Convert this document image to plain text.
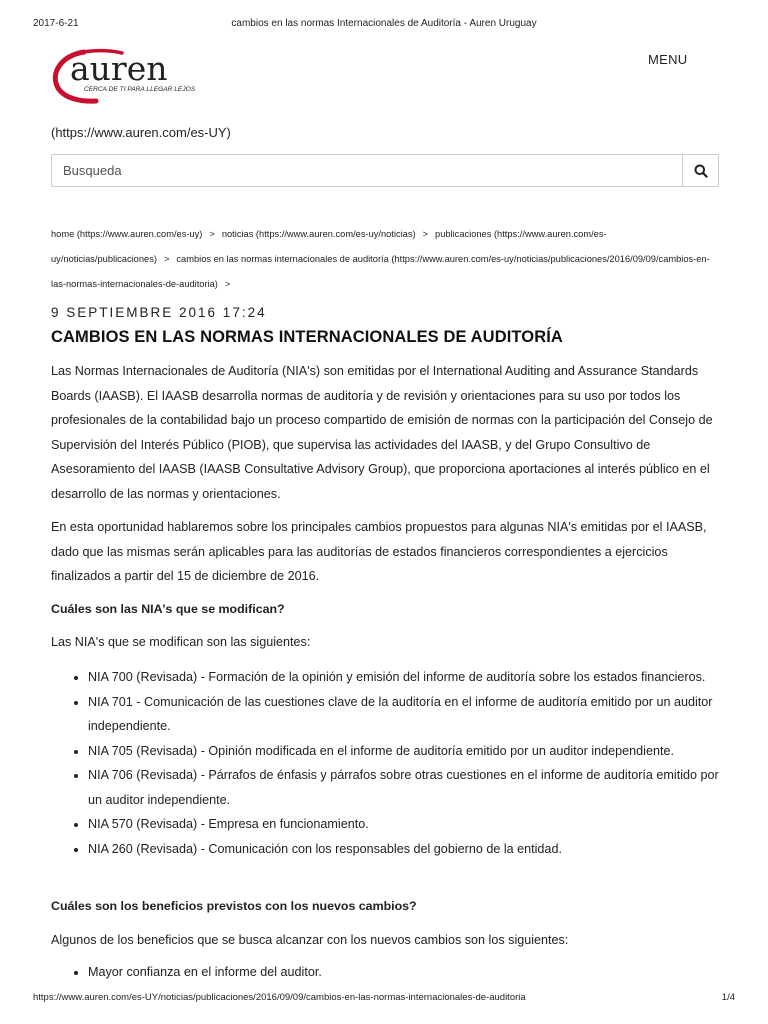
2017-6-21	cambios en las normas Internacionales de Auditoría - Auren Uruguay
auren
CERCA DE TI PARA LLEGAR LEJOS
MENU
(https://www.auren.com/es-UY)
Busqueda
home (https://www.auren.com/es-uy) > noticias (https://www.auren.com/es-uy/noticias) > publicaciones (https://www.auren.com/es-uy/noticias/publicaciones) > cambios en las normas internacionales de auditoría (https://www.auren.com/es-uy/noticias/publicaciones/2016/09/09/cambios-en-las-normas-internacionales-de-auditoria) >
9 SEPTIEMBRE 2016 17:24
CAMBIOS EN LAS NORMAS INTERNACIONALES DE AUDITORÍA

Las Normas Internacionales de Auditoría (NIA's) son emitidas por el International Auditing and Assurance Standards Boards (IAASB). El IAASB desarrolla normas de auditoría y de revisión y orientaciones para su uso por todos los profesionales de la contabilidad bajo un proceso compartido de emisión de normas con la participación del Consejo de Supervisión del Interés Público (PIOB), que supervisa las actividades del IAASB, y del Grupo Consultivo de Asesoramiento del IAASB (IAASB Consultative Advisory Group), que proporciona aportaciones al interés público en el desarrollo de las normas y orientaciones.

En esta oportunidad hablaremos sobre los principales cambios propuestos para algunas NIA's emitidas por el IAASB, dado que las mismas serán aplicables para las auditorías de estados financieros correspondientes a ejercicios finalizados a partir del 15 de diciembre de 2016.

Cuáles son las NIA's que se modifican?

Las NIA's que se modifican son las siguientes:

• NIA 700 (Revisada) - Formación de la opinión y emisión del informe de auditoría sobre los estados financieros.
• NIA 701 - Comunicación de las cuestiones clave de la auditoría en el informe de auditoría emitido por un auditor independiente.
• NIA 705 (Revisada) - Opinión modificada en el informe de auditoría emitido por un auditor independiente.
• NIA 706 (Revisada) - Párrafos de énfasis y párrafos sobre otras cuestiones en el informe de auditoría emitido por un auditor independiente.
• NIA 570 (Revisada) - Empresa en funcionamiento.
• NIA 260 (Revisada) - Comunicación con los responsables del gobierno de la entidad.

Cuáles son los beneficios previstos con los nuevos cambios?

Algunos de los beneficios que se busca alcanzar con los nuevos cambios son los siguientes:

• Mayor confianza en el informe del auditor.
https://www.auren.com/es-UY/noticias/publicaciones/2016/09/09/cambios-en-las-normas-internacionales-de-auditoria	1/4
